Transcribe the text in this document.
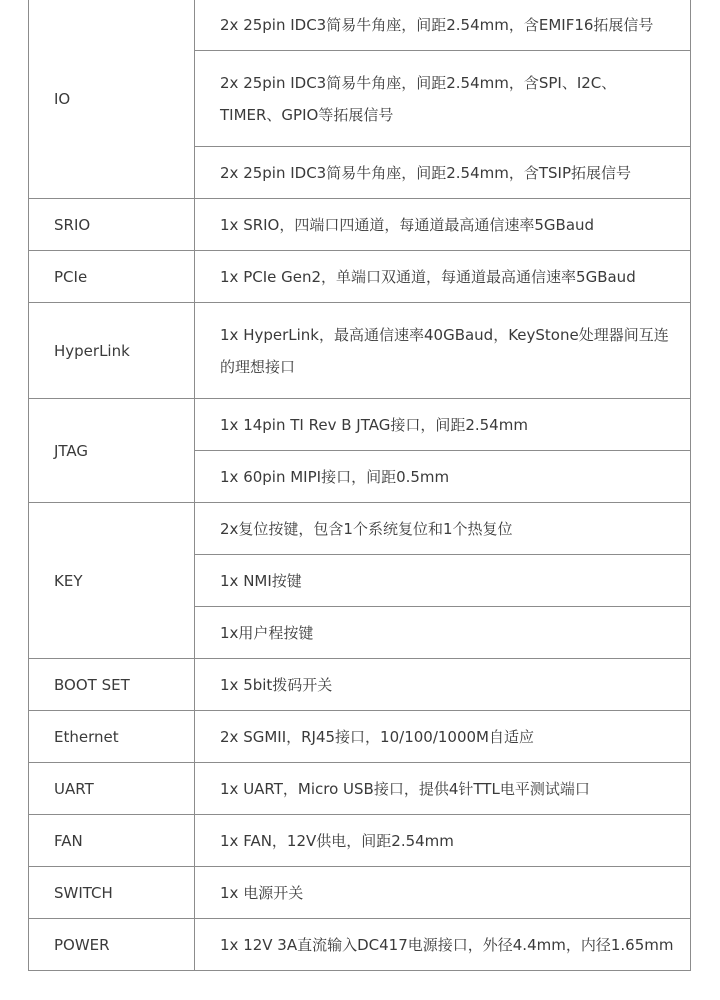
IO	2x 25pin IDC3简易牛角座，间距2.54mm，含EMIF16拓展信号
	2x 25pin IDC3简易牛角座，间距2.54mm，含SPI、I2C、TIMER、GPIO等拓展信号
	2x 25pin IDC3简易牛角座，间距2.54mm，含TSIP拓展信号
SRIO	1x SRIO，四端口四通道，每通道最高通信速率5GBaud
PCIe	1x PCIe Gen2，单端口双通道，每通道最高通信速率5GBaud
HyperLink	1x HyperLink，最高通信速率40GBaud，KeyStone处理器间互连的理想接口
JTAG	1x 14pin TI Rev B JTAG接口，间距2.54mm
	1x 60pin MIPI接口，间距0.5mm
KEY	2x复位按键，包含1个系统复位和1个热复位
	1x NMI按键
	1x用户程按键
BOOT SET	1x 5bit拨码开关
Ethernet	2x SGMII，RJ45接口，10/100/1000M自适应
UART	1x UART，Micro USB接口，提供4针TTL电平测试端口
FAN	1x FAN，12V供电，间距2.54mm
SWITCH	1x 电源开关
POWER	1x 12V 3A直流输入DC417电源接口，外径4.4mm，内径1.65mm
